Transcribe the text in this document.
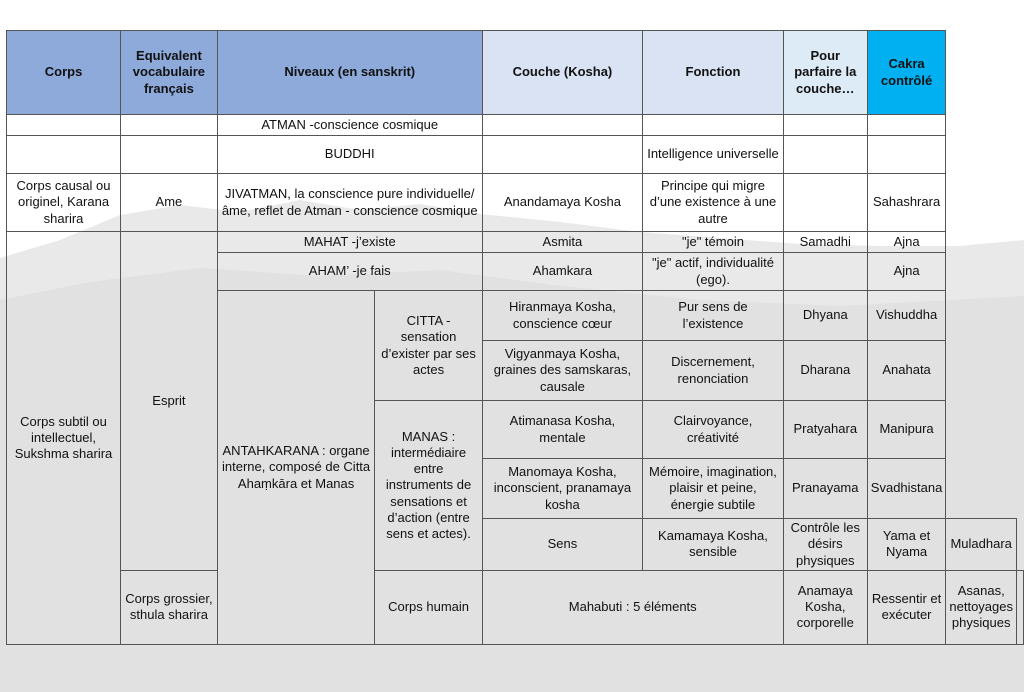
Corps	Equivalent vocabulaire français	Niveaux (en sanskrit)		Couche (Kosha)	Fonction	Pour parfaire la couche…	Cakra contrôlé		
		ATMAN -conscience cosmique							
		BUDDHI			Intelligence universelle				
Corps causal ou originel, Karana sharira	Ame	JIVATMAN, la conscience pure individuelle/âme, reflet de Atman - conscience cosmique		Anandamaya Kosha	Principe qui migre d’une existence à une autre		Sahashrara		
Corps subtil ou intellectuel, Sukshma sharira	Esprit	MAHAT -j’existe		Asmita	"je" témoin	Samadhi	Ajna		
		AHAM’ -je fais		Ahamkara	"je" actif, individualité (ego).		Ajna		
		ANTAHKARANA : organe interne, composé de Citta Ahaṃkāra et Manas	CITTA - sensation d’exister par ses actes	Hiranmaya Kosha, conscience cœur	Pur sens de l’existence	Dhyana	Vishuddha		
				Vigyanmaya Kosha, graines des samskaras, causale	Discernement, renonciation	Dharana	Anahata		
			MANAS : intermédiaire entre instruments de sensations et d’action (entre sens et actes).	Atimanasa Kosha, mentale	Clairvoyance, créativité	Pratyahara	Manipura		
				Manomaya Kosha, inconscient, pranamaya kosha	Mémoire, imagination, plaisir et peine, énergie subtile	Pranayama	Svadhistana		
				Sens	Kamamaya Kosha, sensible	Contrôle les désirs physiques	Yama et Nyama	Muladhara	
	Corps grossier, sthula sharira		Corps humain	Mahabuti : 5 éléments		Anamaya Kosha, corporelle	Ressentir et exécuter	Asanas, nettoyages physiques	
